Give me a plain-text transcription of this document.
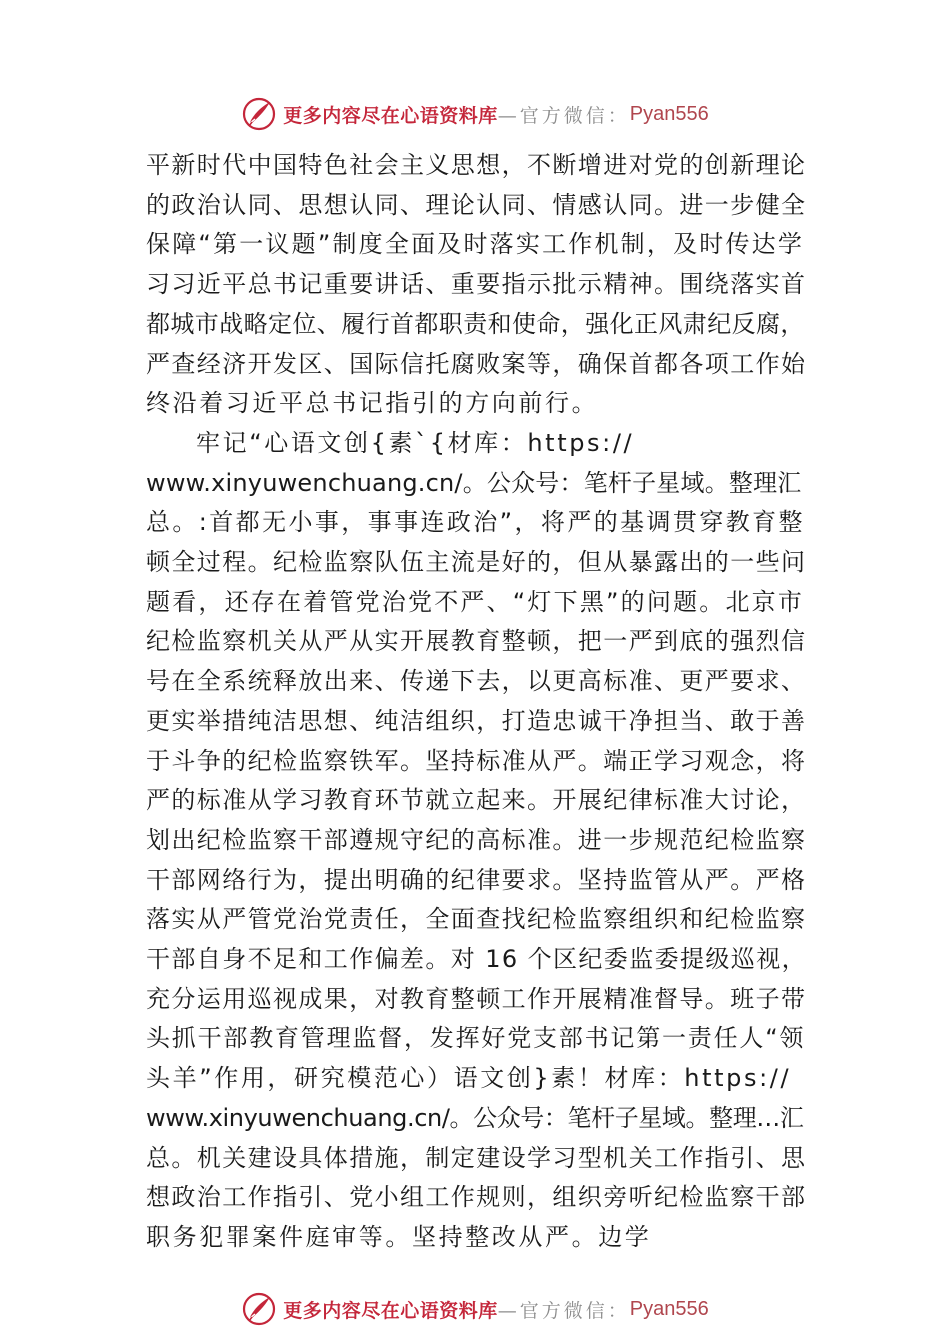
更多内容尽在心语资料库 —官方微信： Pyan556

平新时代中国特色社会主义思想，不断增进对党的创新理论
的政治认同、思想认同、理论认同、情感认同。进一步健全
保障“第一议题”制度全面及时落实工作机制，及时传达学
习习近平总书记重要讲话、重要指示批示精神。围绕落实首
都城市战略定位、履行首都职责和使命，强化正风肃纪反腐，
严查经济开发区、国际信托腐败案等，确保首都各项工作始
终沿着习近平总书记指引的方向前行。

牢记“心语文创{素`{材库：https://
www.xinyuwenchuang.cn/。公众号：笔杆子星域。整理汇
总。:首都无小事，事事连政治”，将严的基调贯穿教育整
顿全过程。纪检监察队伍主流是好的，但从暴露出的一些问
题看，还存在着管党治党不严、“灯下黑”的问题。北京市
纪检监察机关从严从实开展教育整顿，把一严到底的强烈信
号在全系统释放出来、传递下去，以更高标准、更严要求、
更实举措纯洁思想、纯洁组织，打造忠诚干净担当、敢于善
于斗争的纪检监察铁军。坚持标准从严。端正学习观念，将
严的标准从学习教育环节就立起来。开展纪律标准大讨论，
划出纪检监察干部遵规守纪的高标准。进一步规范纪检监察
干部网络行为，提出明确的纪律要求。坚持监管从严。严格
落实从严管党治党责任，全面查找纪检监察组织和纪检监察
干部自身不足和工作偏差。对 16 个区纪委监委提级巡视，
充分运用巡视成果，对教育整顿工作开展精准督导。班子带
头抓干部教育管理监督，发挥好党支部书记第一责任人“领
头羊”作用，研究模范心）语文创}素！材库：https://
www.xinyuwenchuang.cn/。公众号：笔杆子星域。整理…汇
总。机关建设具体措施，制定建设学习型机关工作指引、思
想政治工作指引、党小组工作规则，组织旁听纪检监察干部
职务犯罪案件庭审等。坚持整改从严。边学

更多内容尽在心语资料库 —官方微信： Pyan556
